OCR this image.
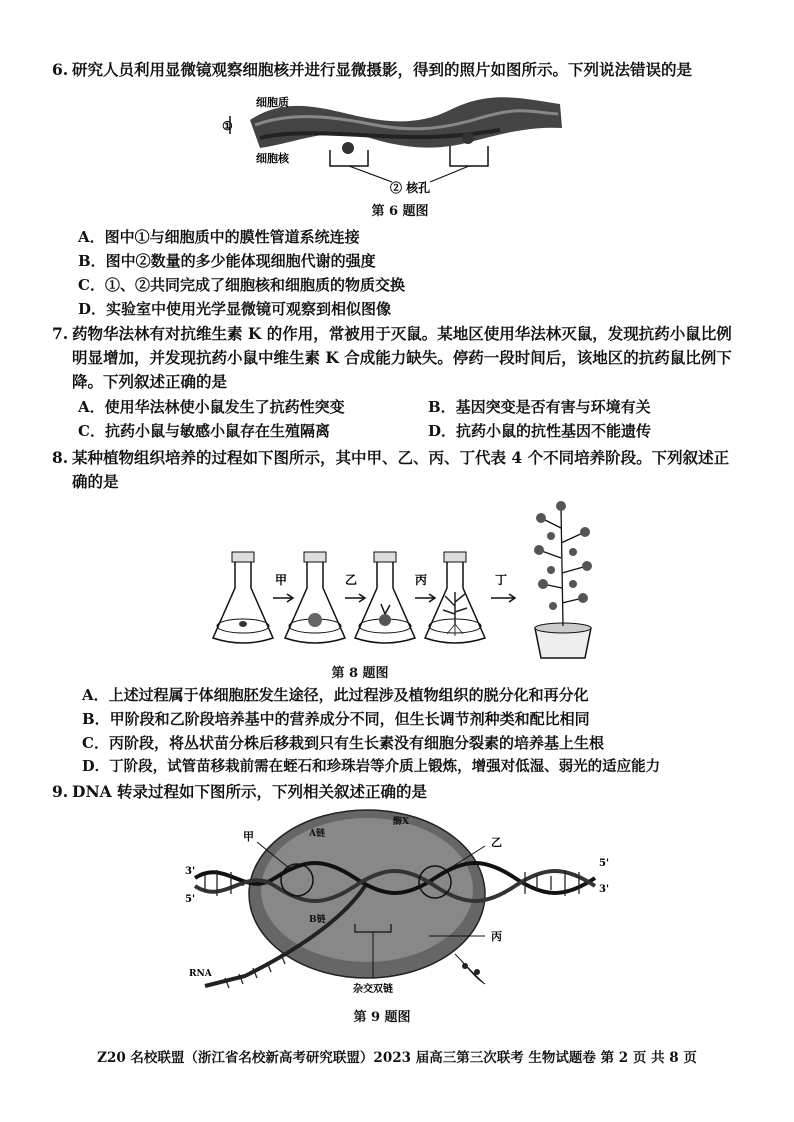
6. 研究人员利用显微镜观察细胞核并进行显微摄影，得到的照片如图所示。下列说法错误的是
①
细胞质
细胞核
② 核孔
第 6 题图
A．图中①与细胞质中的膜性管道系统连接
B．图中②数量的多少能体现细胞代谢的强度
C．①、②共同完成了细胞核和细胞质的物质交换
D．实验室中使用光学显微镜可观察到相似图像
7. 药物华法林有对抗维生素 K 的作用，常被用于灭鼠。某地区使用华法林灭鼠，发现抗药小鼠比例
明显增加，并发现抗药小鼠中维生素 K 合成能力缺失。停药一段时间后，该地区的抗药鼠比例下
降。下列叙述正确的是
A．使用华法林使小鼠发生了抗药性突变	B．基因突变是否有害与环境有关
C．抗药小鼠与敏感小鼠存在生殖隔离	D．抗药小鼠的抗性基因不能遗传
8. 某种植物组织培养的过程如下图所示，其中甲、乙、丙、丁代表 4 个不同培养阶段。下列叙述正
确的是
甲	乙	丙	丁
第 8 题图
A．上述过程属于体细胞胚发生途径，此过程涉及植物组织的脱分化和再分化
B．甲阶段和乙阶段培养基中的营养成分不同，但生长调节剂种类和配比相同
C．丙阶段，将丛状苗分株后移栽到只有生长素没有细胞分裂素的培养基上生根
D．丁阶段，试管苗移栽前需在蛭石和珍珠岩等介质上锻炼，增强对低湿、弱光的适应能力
9. DNA 转录过程如下图所示，下列相关叙述正确的是
甲	乙
丙
A链
B链
酶X
RNA
3'
5'
5'
3'
杂交双链
第 9 题图
Z20 名校联盟（浙江省名校新高考研究联盟）2023 届高三第三次联考 生物试题卷 第 2 页 共 8 页
